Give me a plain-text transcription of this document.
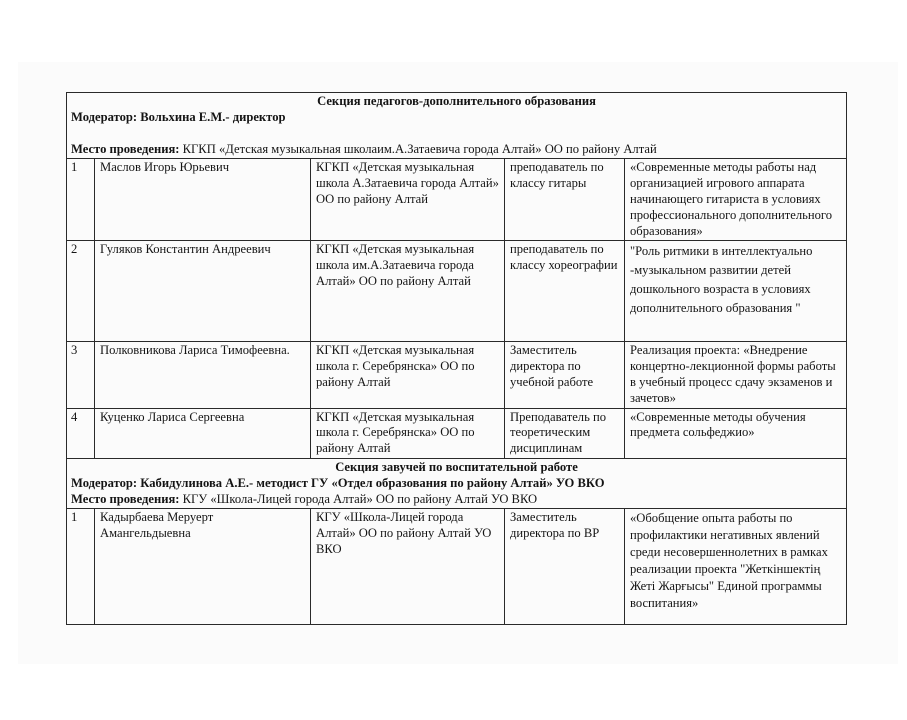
Секция педагогов-дополнительного образования
Модератор: Вольхина Е.М.- директор
Место проведения: КГКП «Детская музыкальная школаим.А.Затаевича города Алтай» ОО по району Алтай				

1	Маслов Игорь Юрьевич	КГКП «Детская музыкальная школа А.Затаевича города Алтай» ОО по району Алтай	преподаватель по классу гитары	«Современные методы работы над организацией игрового аппарата начинающего гитариста в условиях профессионального дополнительного образования»
2	Гуляков Константин Андреевич	КГКП «Детская музыкальная школа им.А.Затаевича города Алтай» ОО по району Алтай	преподаватель по классу хореографии	"Роль ритмики в интеллектуально -музыкальном развитии детей дошкольного возраста в условиях дополнительного образования "
3	Полковникова Лариса Тимофеевна.	КГКП «Детская музыкальная школа г. Серебрянска» ОО по району Алтай	Заместитель директора по учебной работе	Реализация проекта: «Внедрение концертно-лекционной формы работы в учебный процесс сдачу экзаменов и зачетов»
4	Куценко Лариса Сергеевна	КГКП «Детская музыкальная школа г. Серебрянска» ОО по району Алтай	Преподаватель по теоретическим дисциплинам	«Современные методы обучения предмета сольфеджио»

Секция завучей по воспитательной работе
Модератор: Кабидулинова А.Е.- методист ГУ «Отдел образования по району Алтай» УО ВКО
Место проведения: КГУ «Школа-Лицей города Алтай» ОО по району Алтай УО ВКО				

1	Кадырбаева Меруерт Амангельдыевна	КГУ «Школа-Лицей города Алтай» ОО по району Алтай УО ВКО	Заместитель директора по ВР	«Обобщение опыта работы по профилактики негативных явлений среди несовершеннолетних в рамках реализации проекта "Жеткіншектің Жеті Жарғысы" Единой программы воспитания»
